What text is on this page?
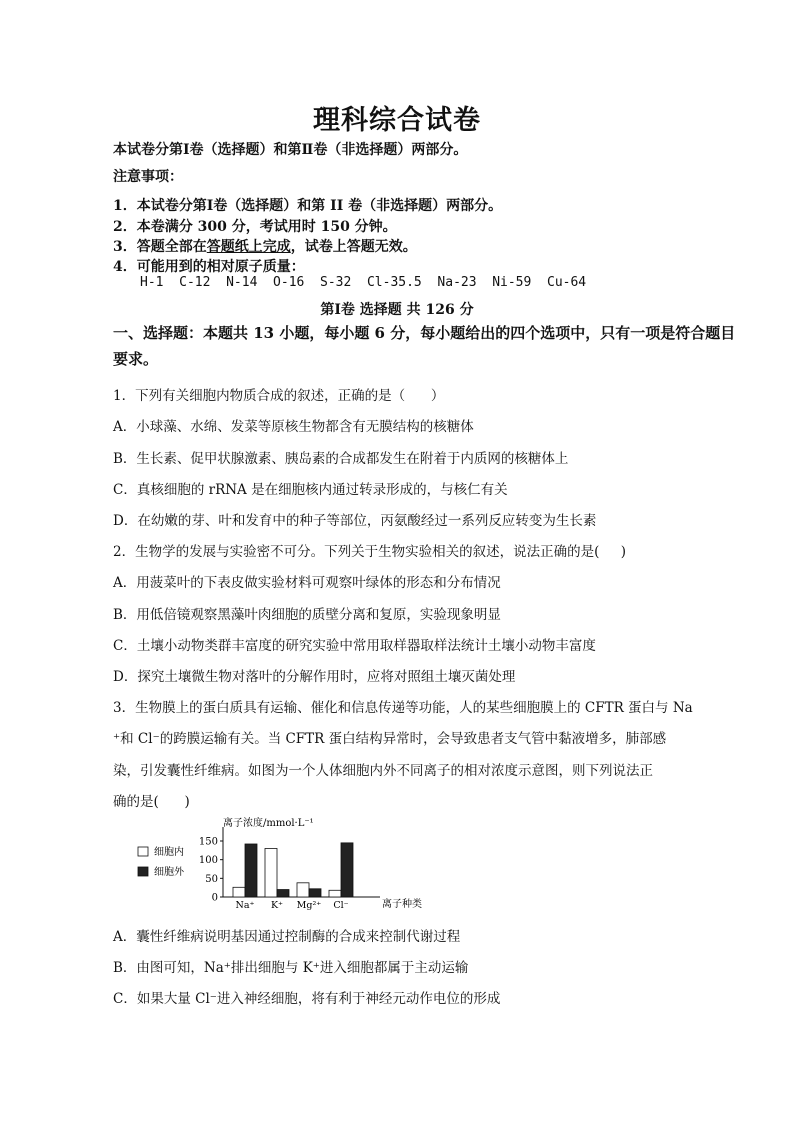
理科综合试卷
本试卷分第Ⅰ卷（选择题）和第Ⅱ卷（非选择题）两部分。
注意事项：
1．本试卷分第Ⅰ卷（选择题）和第 II 卷（非选择题）两部分。
2．本卷满分 300 分，考试用时 150 分钟。
3．答题全部在答题纸上完成，试卷上答题无效。
4．可能用到的相对原子质量：
H-1  C-12  N-14  O-16  S-32  Cl-35.5  Na-23  Ni-59  Cu-64
第Ⅰ卷 选择题 共 126 分
一、选择题：本题共 13 小题，每小题 6 分，每小题给出的四个选项中，只有一项是符合题目
要求。
1．下列有关细胞内物质合成的叙述，正确的是（      ）
A．小球藻、水绵、发菜等原核生物都含有无膜结构的核糖体
B．生长素、促甲状腺激素、胰岛素的合成都发生在附着于内质网的核糖体上
C．真核细胞的 rRNA 是在细胞核内通过转录形成的，与核仁有关
D．在幼嫩的芽、叶和发育中的种子等部位，丙氨酸经过一系列反应转变为生长素
2．生物学的发展与实验密不可分。下列关于生物实验相关的叙述，说法正确的是(     )
A．用菠菜叶的下表皮做实验材料可观察叶绿体的形态和分布情况
B．用低倍镜观察黑藻叶肉细胞的质壁分离和复原，实验现象明显
C．土壤小动物类群丰富度的研究实验中常用取样器取样法统计土壤小动物丰富度
D．探究土壤微生物对落叶的分解作用时，应将对照组土壤灭菌处理
3．生物膜上的蛋白质具有运输、催化和信息传递等功能，人的某些细胞膜上的 CFTR 蛋白与 Na
⁺和 Cl⁻的跨膜运输有关。当 CFTR 蛋白结构异常时，会导致患者支气管中黏液增多，肺部感
染，引发囊性纤维病。如图为一个人体细胞内外不同离子的相对浓度示意图，则下列说法正
确的是(      )
细胞内
细胞外
离子浓度/mmol·L⁻¹
离子种类
0
50
100
150
Na⁺ K⁺ Mg²⁺ Cl⁻
A．囊性纤维病说明基因通过控制酶的合成来控制代谢过程
B．由图可知，Na⁺排出细胞与 K⁺进入细胞都属于主动运输
C．如果大量 Cl⁻进入神经细胞，将有利于神经元动作电位的形成
